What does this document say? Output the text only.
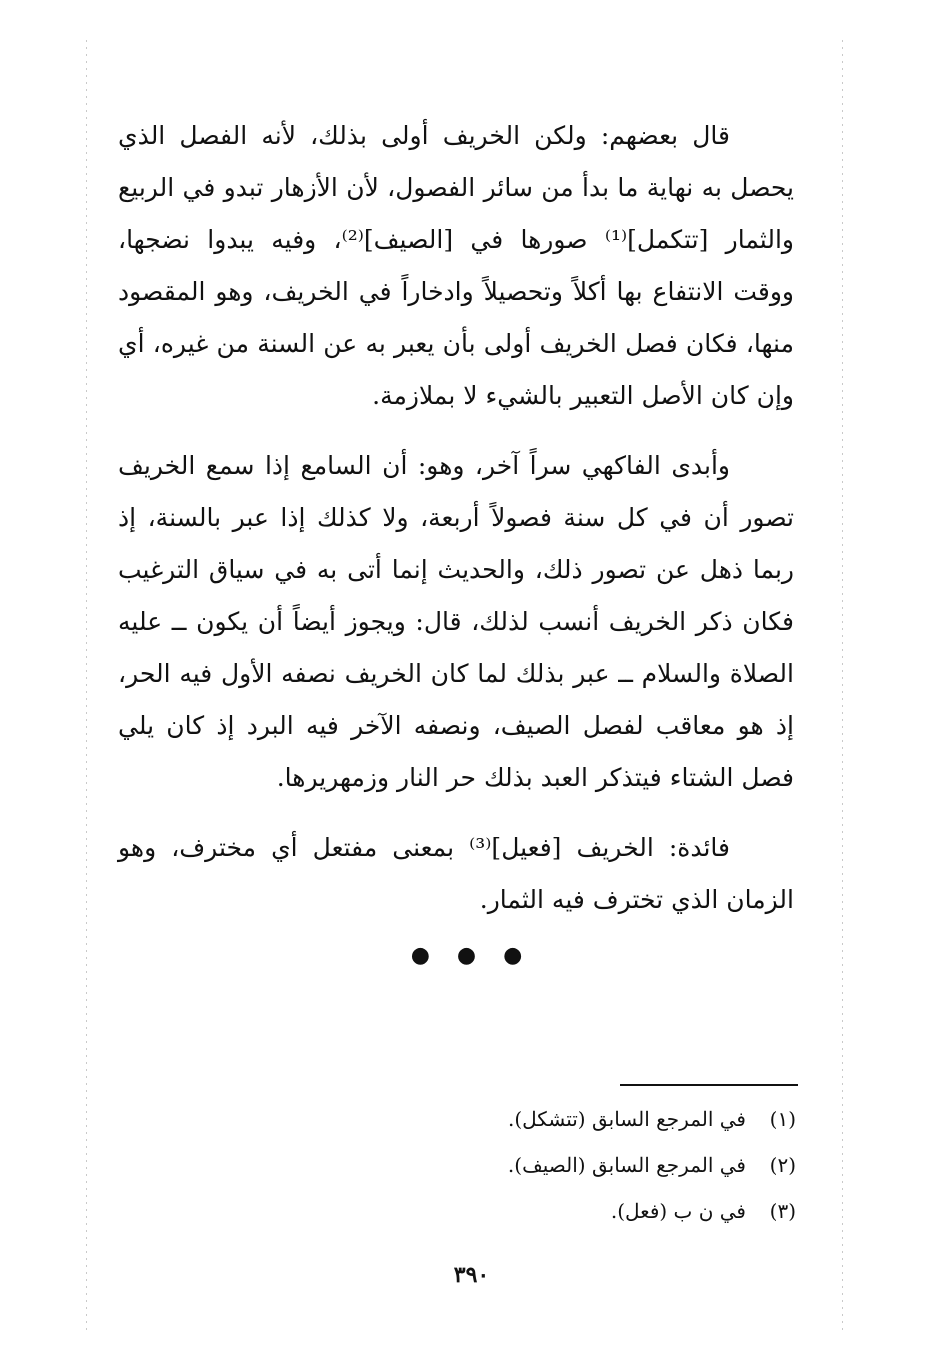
قال بعضهم: ولكن الخريف أولى بذلك، لأنه الفصل الذي يحصل به نهاية ما بدأ من سائر الفصول، لأن الأزهار تبدو في الربيع والثمار [تتكمل]⁽¹⁾ صورها في [الصيف]⁽²⁾، وفيه يبدوا نضجها، ووقت الانتفاع بها أكلاً وتحصيلاً وادخاراً في الخريف، وهو المقصود منها، فكان فصل الخريف أولى بأن يعبر به عن السنة من غيره، أي وإن كان الأصل التعبير بالشيء لا بملازمة.

وأبدى الفاكهي سراً آخر، وهو: أن السامع إذا سمع الخريف تصور أن في كل سنة فصولاً أربعة، ولا كذلك إذا عبر بالسنة، إذ ربما ذهل عن تصور ذلك، والحديث إنما أتى به في سياق الترغيب فكان ذكر الخريف أنسب لذلك، قال: ويجوز أيضاً أن يكون ــ عليه الصلاة والسلام ــ عبر بذلك لما كان الخريف نصفه الأول فيه الحر، إذ هو معاقب لفصل الصيف، ونصفه الآخر فيه البرد إذ كان يلي فصل الشتاء فيتذكر العبد بذلك حر النار وزمهريرها.

فائدة: الخريف [فعيل]⁽³⁾ بمعنى مفتعل أي مخترف، وهو الزمان الذي تخترف فيه الثمار.

● ● ●
(١)في المرجع السابق (تتشكل).
(٢)في المرجع السابق (الصيف).
(٣)في ن ب (فعل).
٣٩٠
